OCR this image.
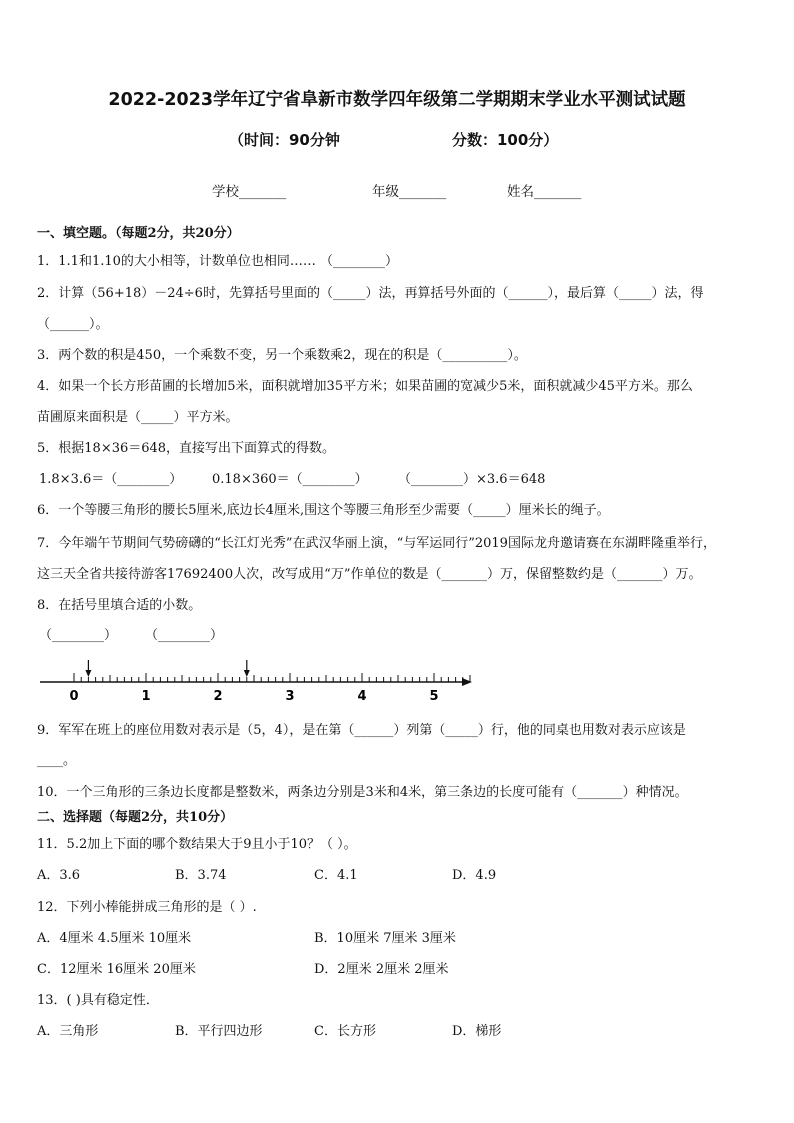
2022-2023学年辽宁省阜新市数学四年级第二学期期末学业水平测试试题
（时间：90分钟	分数：100分）
学校_______	年级_______	姓名_______
一、填空题。（每题2分，共20分）
1．1.1和1.10的大小相等，计数单位也相同…… （________）
2．计算（56+18）－24÷6时，先算括号里面的（_____）法，再算括号外面的（______），最后算（_____）法，得
（______）。
3．两个数的积是450，一个乘数不变，另一个乘数乘2，现在的积是（__________）。
4．如果一个长方形苗圃的长增加5米，面积就增加35平方米；如果苗圃的宽减少5米，面积就减少45平方米。那么
苗圃原来面积是（_____）平方米。
5．根据18×36＝648，直接写出下面算式的得数。
1.8×3.6＝（________） 0.18×360＝（________） （________）×3.6＝648
6．一个等腰三角形的腰长5厘米,底边长4厘米,围这个等腰三角形至少需要（_____）厘米长的绳子。
7．今年端午节期间气势磅礴的“长江灯光秀”在武汉华丽上演，“与军运同行”2019国际龙舟邀请赛在东湖畔隆重举行，
这三天全省共接待游客17692400人次，改写成用“万”作单位的数是（_______）万，保留整数约是（_______）万。
8．在括号里填合适的小数。
（________） （________）
0	1	2	3	4	5
9．军军在班上的座位用数对表示是（5，4），是在第（______）列第（_____）行，他的同桌也用数对表示应该是
____。
10．一个三角形的三条边长度都是整数米，两条边分别是3米和4米，第三条边的长度可能有（_______）种情况。
二、选择题（每题2分，共10分）
11．5.2加上下面的哪个数结果大于9且小于10？（ ）。
A．3.6	B．3.74	C．4.1	D．4.9
12．下列小棒能拼成三角形的是（ ）.
A．4厘米 4.5厘米 10厘米	B．10厘米 7厘米 3厘米
C．12厘米 16厘米 20厘米	D．2厘米 2厘米 2厘米
13．( )具有稳定性．
A．三角形	B．平行四边形	C．长方形	D．梯形
